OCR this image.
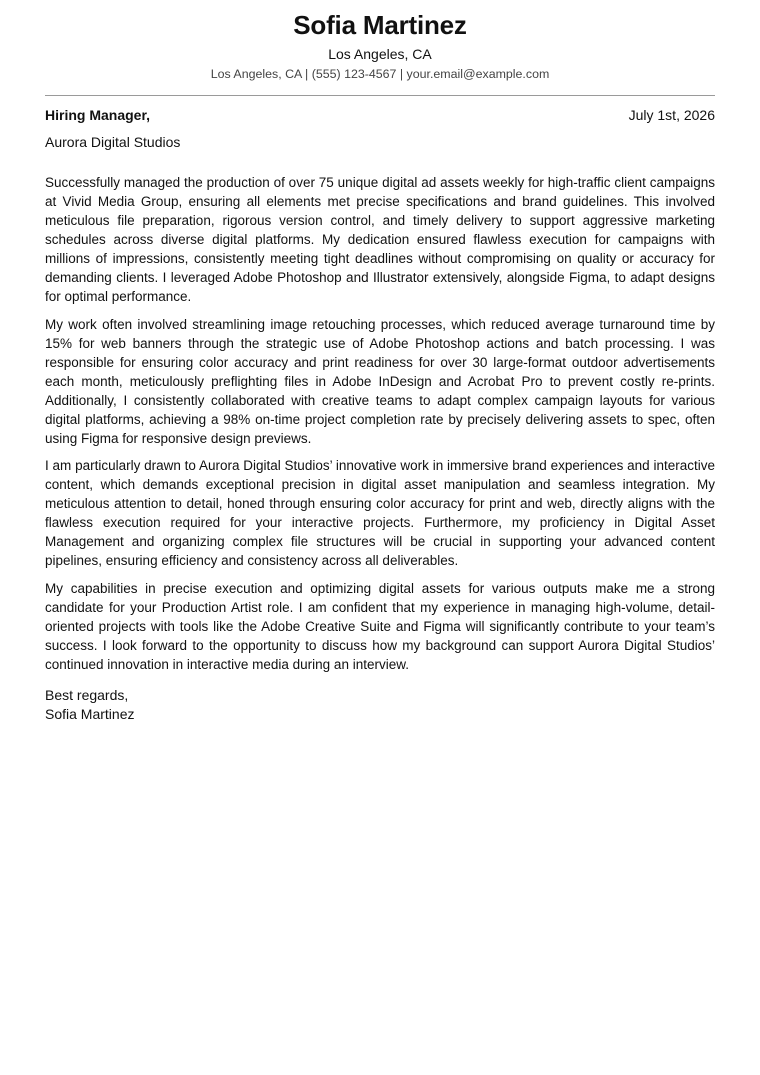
Sofia Martinez
Los Angeles, CA
Los Angeles, CA | (555) 123-4567 | your.email@example.com
Hiring Manager,	July 1st, 2026
Aurora Digital Studios

Successfully managed the production of over 75 unique digital ad assets weekly for high-traffic client campaigns at Vivid Media Group, ensuring all elements met precise specifications and brand guidelines. This involved meticulous file preparation, rigorous version control, and timely delivery to support aggressive marketing schedules across diverse digital platforms. My dedication ensured flawless execution for campaigns with millions of impressions, consistently meeting tight deadlines without compromising on quality or accuracy for demanding clients. I leveraged Adobe Photoshop and Illustrator extensively, alongside Figma, to adapt designs for optimal performance.

My work often involved streamlining image retouching processes, which reduced average turnaround time by 15% for web banners through the strategic use of Adobe Photoshop actions and batch processing. I was responsible for ensuring color accuracy and print readiness for over 30 large-format outdoor advertisements each month, meticulously preflighting files in Adobe InDesign and Acrobat Pro to prevent costly re-prints. Additionally, I consistently collaborated with creative teams to adapt complex campaign layouts for various digital platforms, achieving a 98% on-time project completion rate by precisely delivering assets to spec, often using Figma for responsive design previews.

I am particularly drawn to Aurora Digital Studios’ innovative work in immersive brand experiences and interactive content, which demands exceptional precision in digital asset manipulation and seamless integration. My meticulous attention to detail, honed through ensuring color accuracy for print and web, directly aligns with the flawless execution required for your interactive projects. Furthermore, my proficiency in Digital Asset Management and organizing complex file structures will be crucial in supporting your advanced content pipelines, ensuring efficiency and consistency across all deliverables.

My capabilities in precise execution and optimizing digital assets for various outputs make me a strong candidate for your Production Artist role. I am confident that my experience in managing high-volume, detail-oriented projects with tools like the Adobe Creative Suite and Figma will significantly contribute to your team’s success. I look forward to the opportunity to discuss how my background can support Aurora Digital Studios’ continued innovation in interactive media during an interview.

Best regards,
Sofia Martinez
